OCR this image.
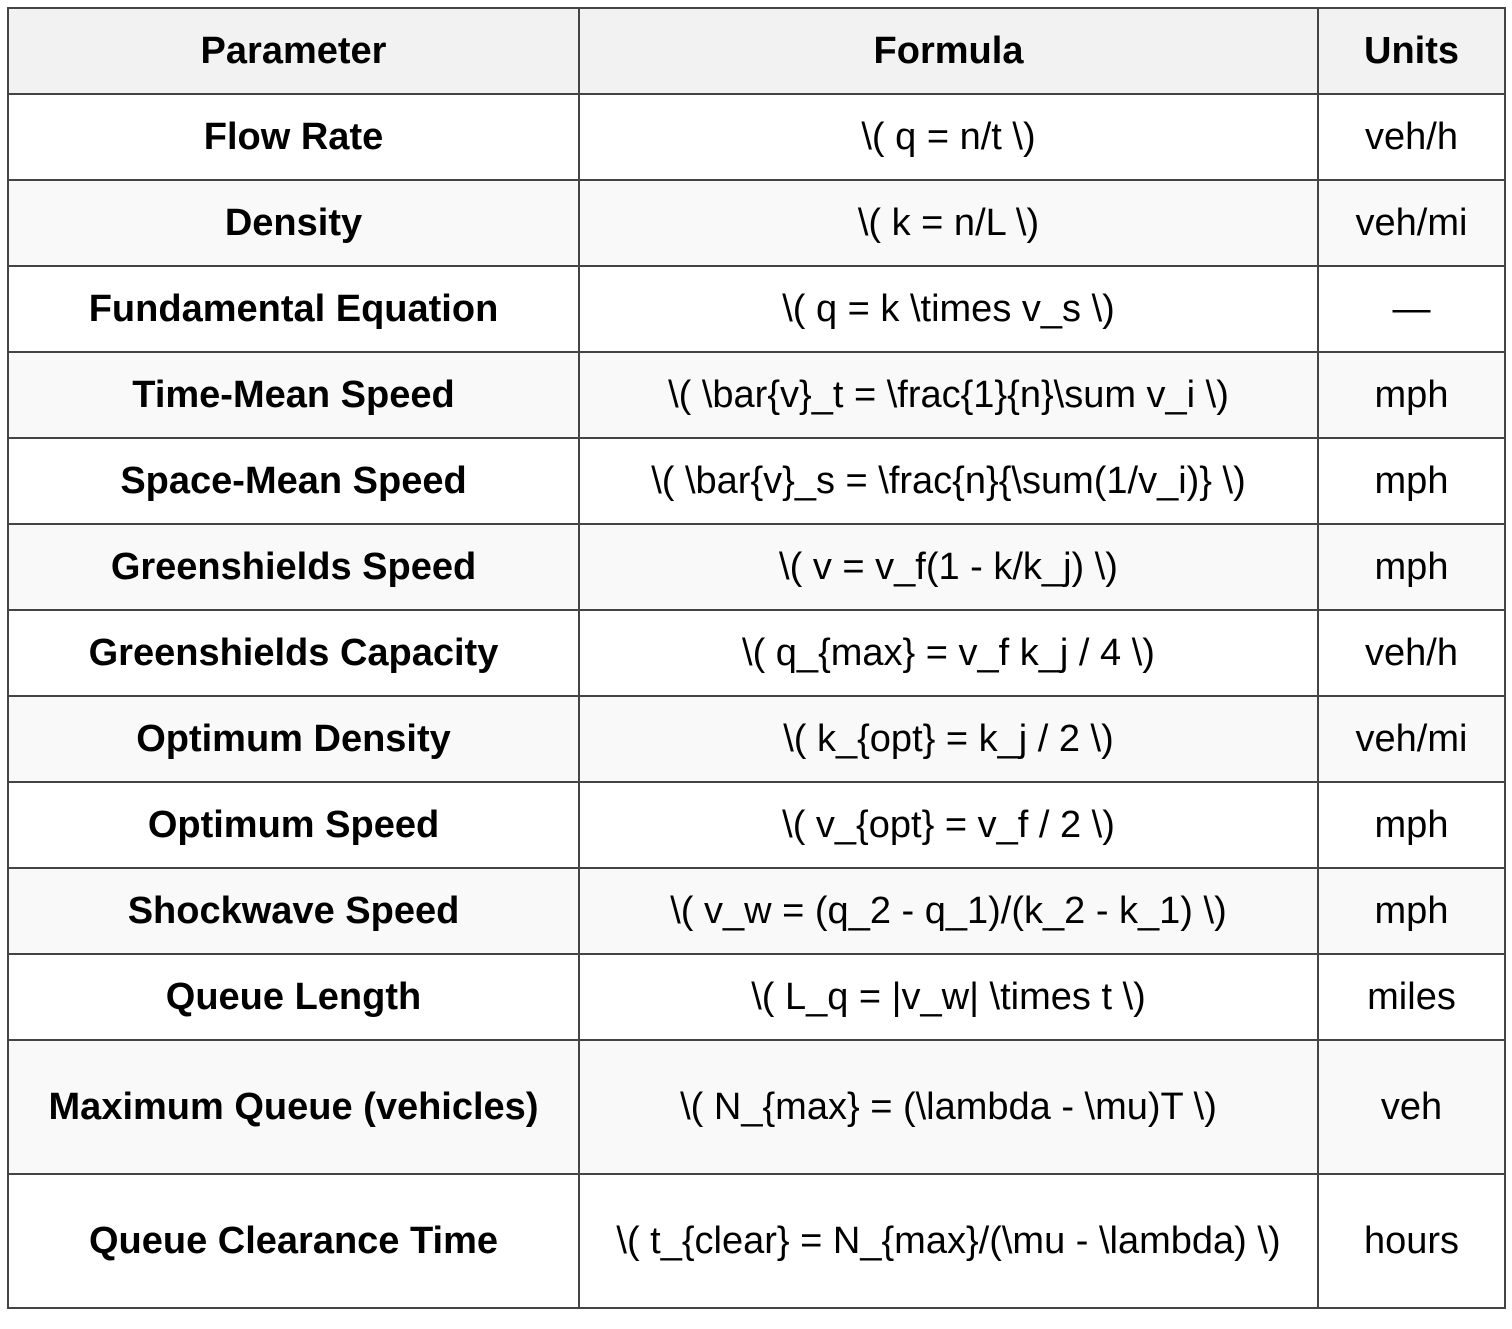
Parameter	Formula	Units
Flow Rate	\( q = n/t \)	veh/h
Density	\( k = n/L \)	veh/mi
Fundamental Equation	\( q = k \times v_s \)	—
Time-Mean Speed	\( \bar{v}_t = \frac{1}{n}\sum v_i \)	mph
Space-Mean Speed	\( \bar{v}_s = \frac{n}{\sum(1/v_i)} \)	mph
Greenshields Speed	\( v = v_f(1 - k/k_j) \)	mph
Greenshields Capacity	\( q_{max} = v_f k_j / 4 \)	veh/h
Optimum Density	\( k_{opt} = k_j / 2 \)	veh/mi
Optimum Speed	\( v_{opt} = v_f / 2 \)	mph
Shockwave Speed	\( v_w = (q_2 - q_1)/(k_2 - k_1) \)	mph
Queue Length	\( L_q = |v_w| \times t \)	miles
Maximum Queue (vehicles)	\( N_{max} = (\lambda - \mu)T \)	veh
Queue Clearance Time	\( t_{clear} = N_{max}/(\mu - \lambda) \)	hours
